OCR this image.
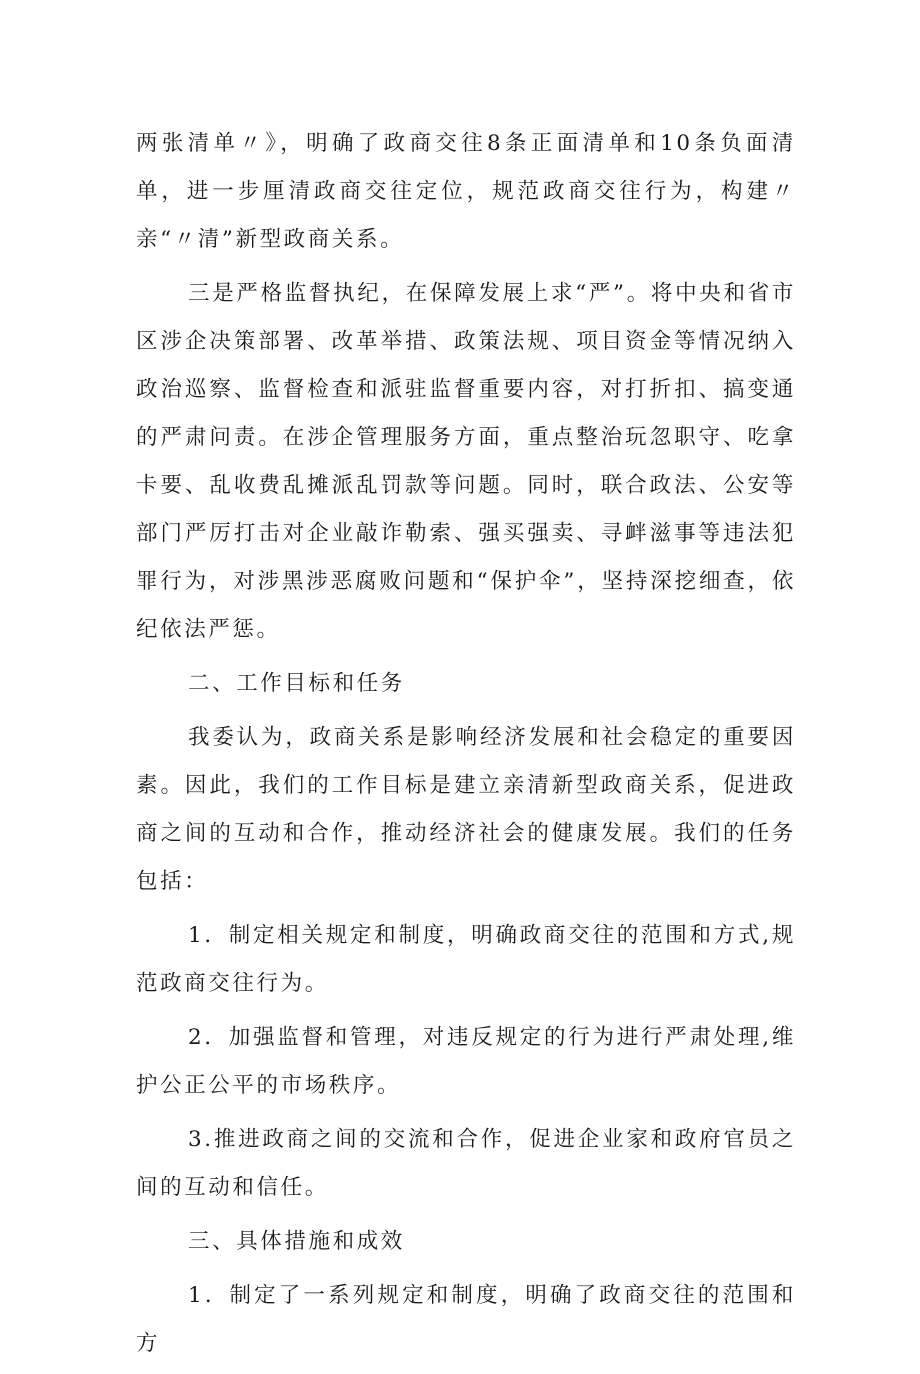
两张清单〃》，明确了政商交往8条正面清单和10条负面清单，进一步厘清政商交往定位，规范政商交往行为，构建〃亲“〃清”新型政商关系。

三是严格监督执纪，在保障发展上求“严”。将中央和省市区涉企决策部署、改革举措、政策法规、项目资金等情况纳入政治巡察、监督检查和派驻监督重要内容，对打折扣、搞变通的严肃问责。在涉企管理服务方面，重点整治玩忽职守、吃拿卡要、乱收费乱摊派乱罚款等问题。同时，联合政法、公安等部门严厉打击对企业敲诈勒索、强买强卖、寻衅滋事等违法犯罪行为，对涉黑涉恶腐败问题和“保护伞”，坚持深挖细查，依纪依法严惩。

二、工作目标和任务

我委认为，政商关系是影响经济发展和社会稳定的重要因素。因此，我们的工作目标是建立亲清新型政商关系，促进政商之间的互动和合作，推动经济社会的健康发展。我们的任务包括：

1．制定相关规定和制度，明确政商交往的范围和方式,规范政商交往行为。

2．加强监督和管理，对违反规定的行为进行严肃处理,维护公正公平的市场秩序。

3.推进政商之间的交流和合作，促进企业家和政府官员之间的互动和信任。

三、具体措施和成效

1．制定了一系列规定和制度，明确了政商交往的范围和方
